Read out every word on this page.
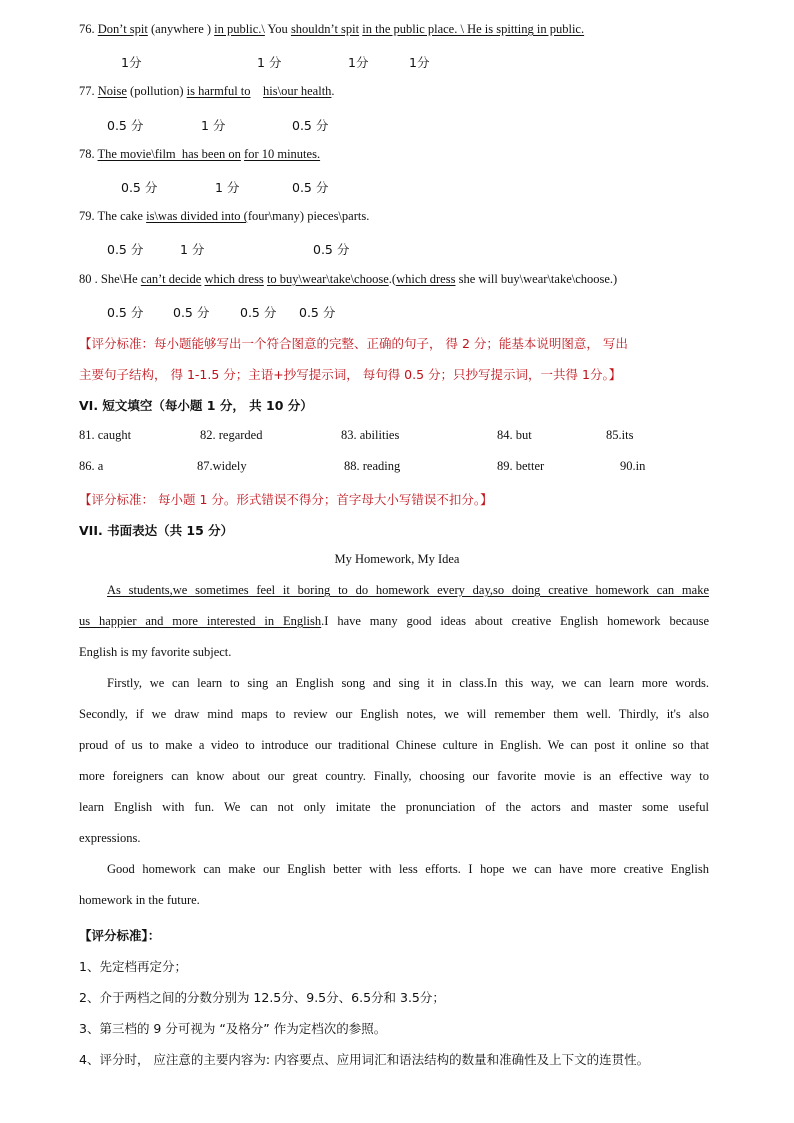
76. Don’t spit (anywhere ) in public.\ You shouldn’t spit in the public place. \ He is spitting in public.
1分	1 分	1分	1分
77. Noise (pollution) is harmful to his\our health.
0.5 分	1 分	0.5 分
78. The movie\film  has been on for 10 minutes.
0.5 分	1 分	0.5 分
79. The cake is\was divided into (four\many) pieces\parts.
0.5 分	1 分	0.5 分
80 . She\He can’t decide which dress to buy\wear\take\choose.(which dress she will buy\wear\take\choose.)
0.5 分 0.5 分 0.5 分 0.5 分
【评分标准：每小题能够写出一个符合图意的完整、正确的句子， 得 2 分；能基本说明图意， 写出
主要句子结构， 得 1-1.5 分；主语+抄写提示词， 每句得 0.5 分；只抄写提示词，一共得 1分。】
VI. 短文填空（每小题 1 分， 共 10 分）
81. caught	82. regarded	83. abilities	84. but	85.its
86. a	87.widely	88. reading	89. better	90.in
【评分标准： 每小题 1 分。形式错误不得分；首字母大小写错误不扣分。】
VII. 书面表达（共 15 分）
My Homework, My Idea
As students,we sometimes feel it boring to do homework every day,so doing creative homework can make
us happier and more interested in English.I have many good ideas about creative English homework because
English is my favorite subject.
Firstly, we can learn to sing an English song and sing it in class.In this way, we can learn more words.
Secondly, if we draw mind maps to review our English notes, we will remember them well. Thirdly, it's also
proud of us to make a video to introduce our traditional Chinese culture in English. We can post it online so that
more foreigners can know about our great country. Finally, choosing our favorite movie is an effective way to
learn English with fun. We can not only imitate the pronunciation of the actors and master some useful
expressions.
Good homework can make our English better with less efforts. I hope we can have more creative English
homework in the future.
【评分标准】：
1、先定档再定分；
2、介于两档之间的分数分别为 12.5分、9.5分、6.5分和 3.5分；
3、第三档的 9 分可视为 “及格分” 作为定档次的参照。
4、评分时， 应注意的主要内容为: 内容要点、应用词汇和语法结构的数量和准确性及上下文的连贯性。
